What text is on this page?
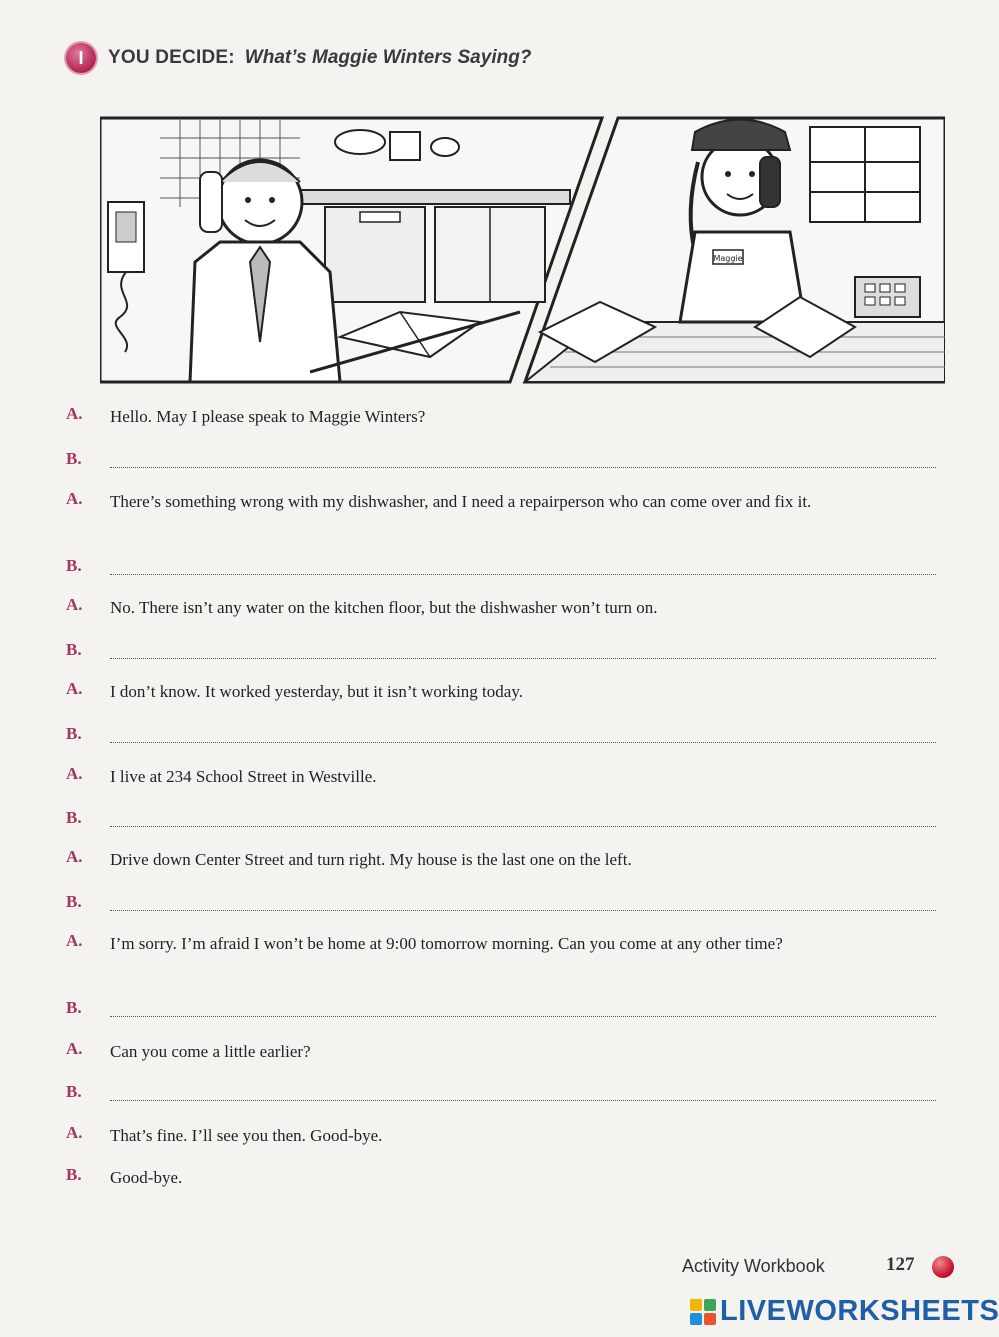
I	YOU DECIDE: What’s Maggie Winters Saying?
Maggie
A.	Hello. May I please speak to Maggie Winters?
B.
A.	There’s something wrong with my dishwasher, and I need a repairperson who can come over and fix it.
B.
A.	No. There isn’t any water on the kitchen floor, but the dishwasher won’t turn on.
B.
A.	I don’t know. It worked yesterday, but it isn’t working today.
B.
A.	I live at 234 School Street in Westville.
B.
A.	Drive down Center Street and turn right. My house is the last one on the left.
B.
A.	I’m sorry. I’m afraid I won’t be home at 9:00 tomorrow morning. Can you come at any other time?
B.
A.	Can you come a little earlier?
B.
A.	That’s fine. I’ll see you then. Good-bye.
B.	Good-bye.
Activity Workbook	127
LIVEWORKSHEETS
